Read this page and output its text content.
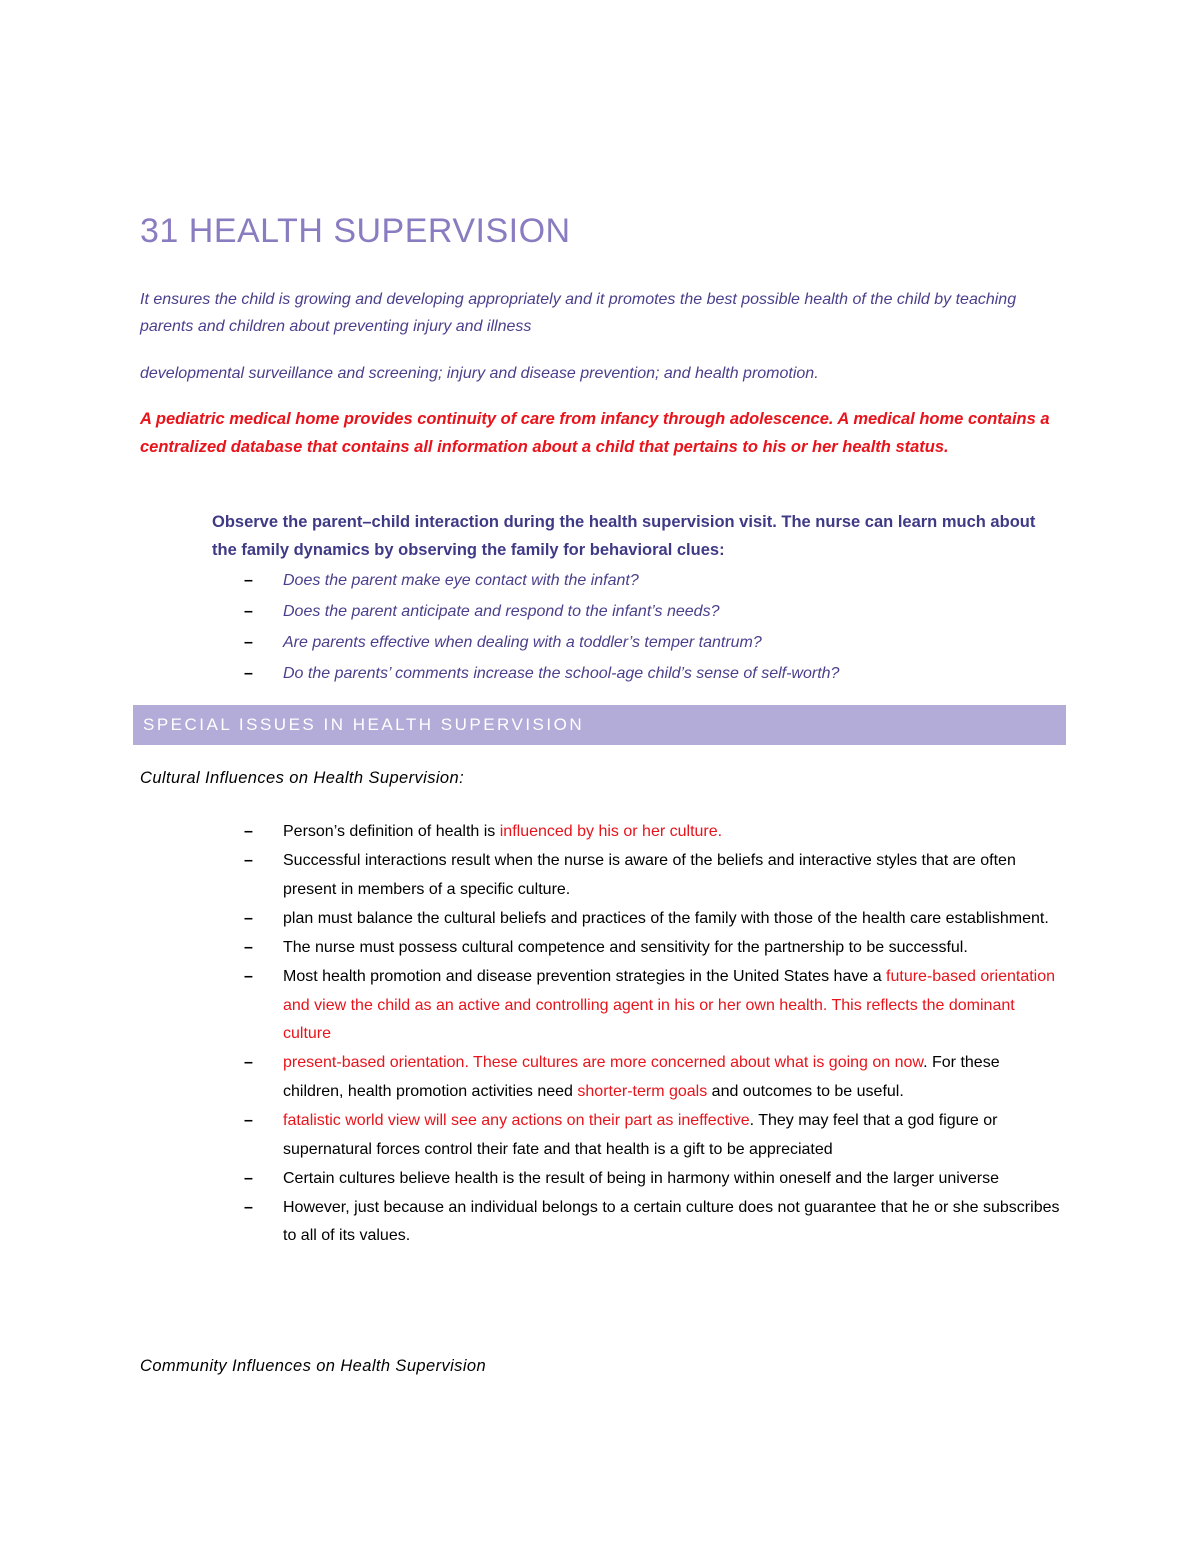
31 HEALTH SUPERVISION

It ensures the child is growing and developing appropriately and it promotes the best possible health of the child by teaching parents and children about preventing injury and illness

developmental surveillance and screening; injury and disease prevention; and health promotion.

A pediatric medical home provides continuity of care from infancy through adolescence. A medical home contains a centralized database that contains all information about a child that pertains to his or her health status.

Observe the parent–child interaction during the health supervision visit. The nurse can learn much about the family dynamics by observing the family for behavioral clues:

– Does the parent make eye contact with the infant?
– Does the parent anticipate and respond to the infant’s needs?
– Are parents effective when dealing with a toddler’s temper tantrum?
– Do the parents’ comments increase the school-age child’s sense of self-worth?
SPECIAL ISSUES IN HEALTH SUPERVISION

Cultural Influences on Health Supervision:

– Person’s definition of health is influenced by his or her culture.
– Successful interactions result when the nurse is aware of the beliefs and interactive styles that are often present in members of a specific culture.
– plan must balance the cultural beliefs and practices of the family with those of the health care establishment.
– The nurse must possess cultural competence and sensitivity for the partnership to be successful.
– Most health promotion and disease prevention strategies in the United States have a future-based orientation and view the child as an active and controlling agent in his or her own health. This reflects the dominant culture
– present-based orientation. These cultures are more concerned about what is going on now. For these children, health promotion activities need shorter-term goals and outcomes to be useful.
– fatalistic world view will see any actions on their part as ineffective. They may feel that a god figure or supernatural forces control their fate and that health is a gift to be appreciated
– Certain cultures believe health is the result of being in harmony within oneself and the larger universe
– However, just because an individual belongs to a certain culture does not guarantee that he or she subscribes to all of its values.

Community Influences on Health Supervision
